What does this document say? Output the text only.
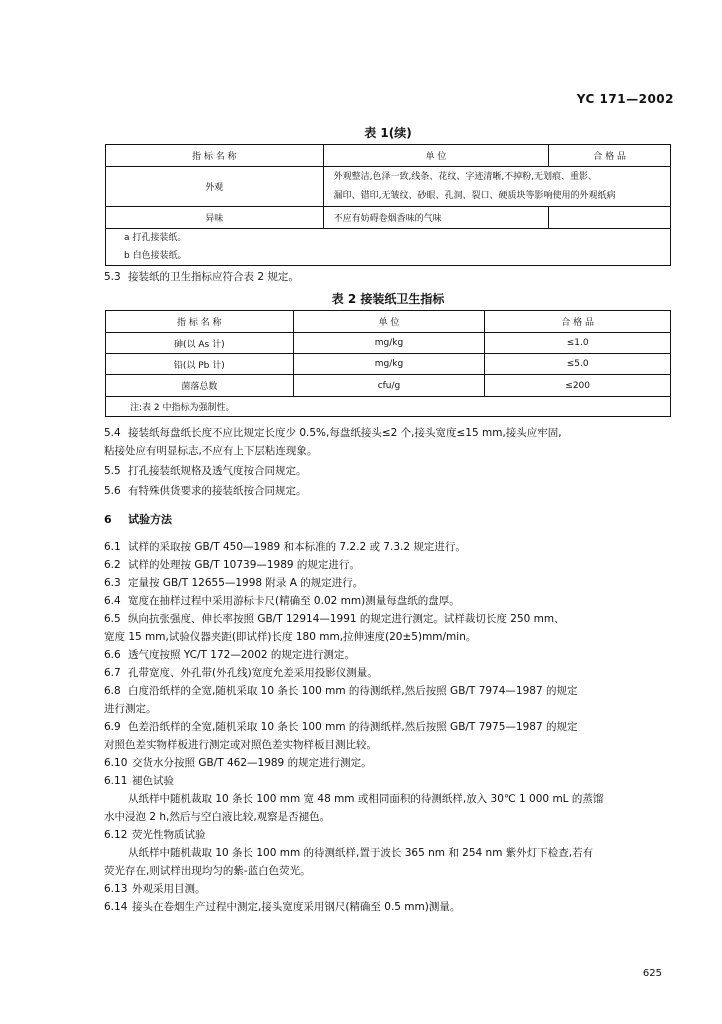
YC 171—2002
表 1(续)
指 标 名 称	单 位	合 格 品
外观	外观整洁,色泽一致,线条、花纹、字迹清晰,不掉粉,无划痕、重影、
漏印、错印,无皱纹、砂眼、孔洞、裂口、硬质块等影响使用的外观纸病	

异味	不应有妨碍卷烟香味的气味	

a 打孔接装纸。
b 白色接装纸。		
5.3 接装纸的卫生指标应符合表 2 规定。
表 2 接装纸卫生指标
指 标 名 称	单 位	合 格 品
砷(以 As 计)	mg/kg	≤1.0
铅(以 Pb 计)	mg/kg	≤5.0
菌落总数	cfu/g	≤200
注:表 2 中指标为强制性。		
5.4 接装纸每盘纸长度不应比规定长度少 0.5%,每盘纸接头≤2 个,接头宽度≤15 mm,接头应牢固,
粘接处应有明显标志,不应有上下层粘连现象。
5.5 打孔接装纸规格及透气度按合同规定。
5.6 有特殊供货要求的接装纸按合同规定。
6 试验方法
6.1 试样的采取按 GB/T 450—1989 和本标准的 7.2.2 或 7.3.2 规定进行。
6.2 试样的处理按 GB/T 10739—1989 的规定进行。
6.3 定量按 GB/T 12655—1998 附录 A 的规定进行。
6.4 宽度在抽样过程中采用游标卡尺(精确至 0.02 mm)测量每盘纸的盘厚。
6.5 纵向抗张强度、伸长率按照 GB/T 12914—1991 的规定进行测定。试样裁切长度 250 mm、
宽度 15 mm,试验仪器夹距(即试样)长度 180 mm,拉伸速度(20±5)mm/min。
6.6 透气度按照 YC/T 172—2002 的规定进行测定。
6.7 孔带宽度、外孔带(外孔线)宽度允差采用投影仪测量。
6.8 白度沿纸样的全宽,随机采取 10 条长 100 mm 的待测纸样,然后按照 GB/T 7974—1987 的规定
进行测定。
6.9 色差沿纸样的全宽,随机采取 10 条长 100 mm 的待测纸样,然后按照 GB/T 7975—1987 的规定
对照色差实物样板进行测定或对照色差实物样板目测比较。
6.10 交货水分按照 GB/T 462—1989 的规定进行测定。
6.11 褪色试验
从纸样中随机裁取 10 条长 100 mm 宽 48 mm 或相同面积的待测纸样,放入 30℃ 1 000 mL 的蒸馏
水中浸泡 2 h,然后与空白液比较,观察是否褪色。
6.12 荧光性物质试验
从纸样中随机裁取 10 条长 100 mm 的待测纸样,置于波长 365 nm 和 254 nm 紫外灯下检查,若有
荧光存在,则试样出现均匀的紫-蓝白色荧光。
6.13 外观采用目测。
6.14 接头在卷烟生产过程中测定,接头宽度采用钢尺(精确至 0.5 mm)测量。
625
